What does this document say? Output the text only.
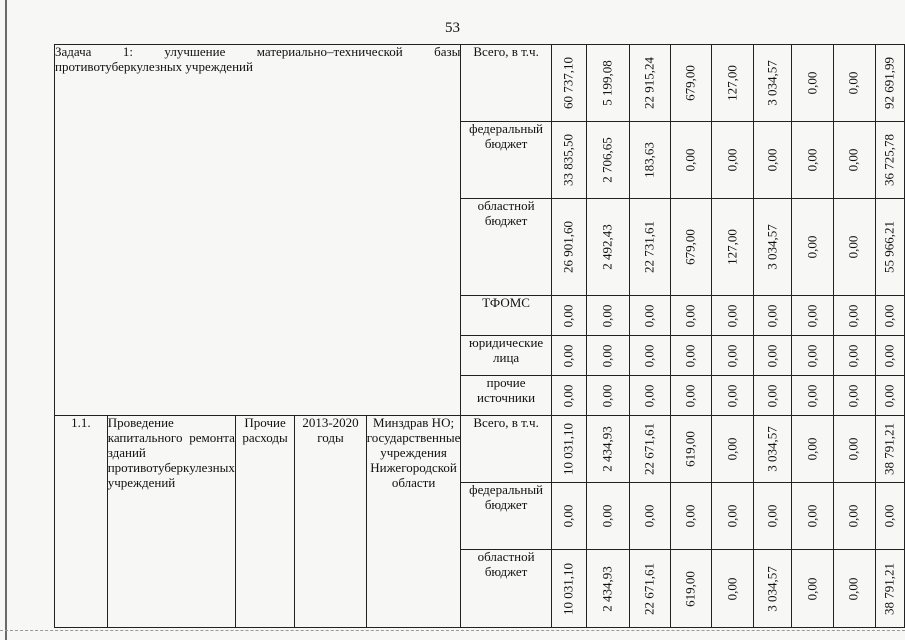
53
Задача 1: улучшение материально–технической базы противотуберкулезных учреждений					Всего, в т.ч.	60 737,10	5 199,08	22 915,24	679,00	127,00	3 034,57	0,00	0,00	92 691,99

					федеральный бюджет	33 835,50	2 706,65	183,63	0,00	0,00	0,00	0,00	0,00	36 725,78

					областной бюджет	26 901,60	2 492,43	22 731,61	679,00	127,00	3 034,57	0,00	0,00	55 966,21

					ТФОМС	0,00	0,00	0,00	0,00	0,00	0,00	0,00	0,00	0,00

					юридические лица	0,00	0,00	0,00	0,00	0,00	0,00	0,00	0,00	0,00

					прочие источники	0,00	0,00	0,00	0,00	0,00	0,00	0,00	0,00	0,00

1.1.	Проведение капитального ремонта зданий противотуберкулезных учреждений	Прочие расходы	2013-2020 годы	Минздрав НО; государственные учреждения Нижегородской области	Всего, в т.ч.	10 031,10	2 434,93	22 671,61	619,00	0,00	3 034,57	0,00	0,00	38 791,21

					федеральный бюджет	0,00	0,00	0,00	0,00	0,00	0,00	0,00	0,00	0,00

					областной бюджет	10 031,10	2 434,93	22 671,61	619,00	0,00	3 034,57	0,00	0,00	38 791,21
